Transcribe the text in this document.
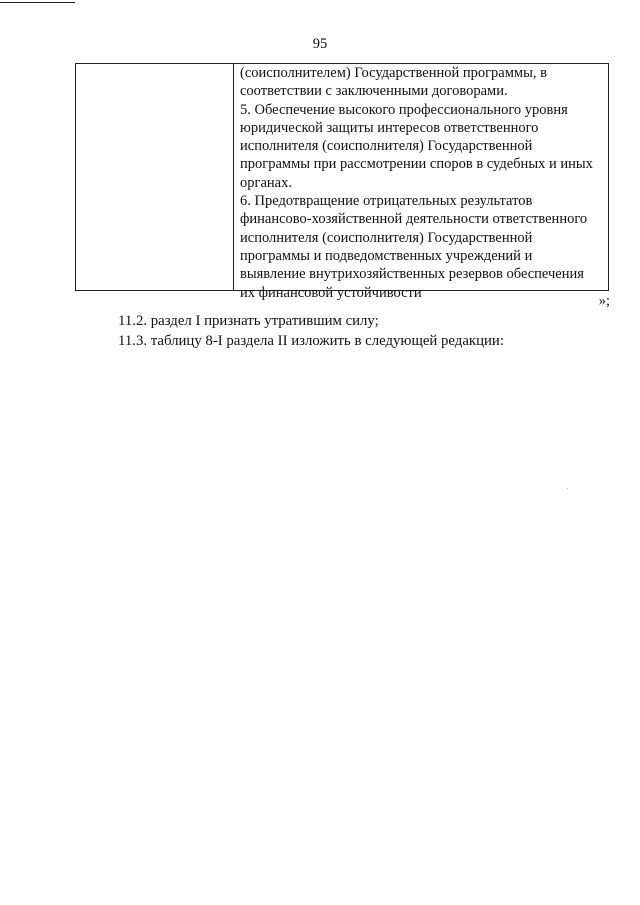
95
(соисполнителем) Государственной программы, в
соответствии с заключенными договорами.
5. Обеспечение высокого профессионального уровня
юридической защиты интересов ответственного
исполнителя (соисполнителя) Государственной
программы при рассмотрении споров в судебных и иных
органах.
6. Предотвращение отрицательных результатов
финансово-хозяйственной деятельности ответственного
исполнителя (соисполнителя) Государственной
программы и подведомственных учреждений и
выявление внутрихозяйственных резервов обеспечения
их финансовой устойчивости
»;
11.2. раздел I признать утратившим силу;
11.3. таблицу 8-I раздела II изложить в следующей редакции:
